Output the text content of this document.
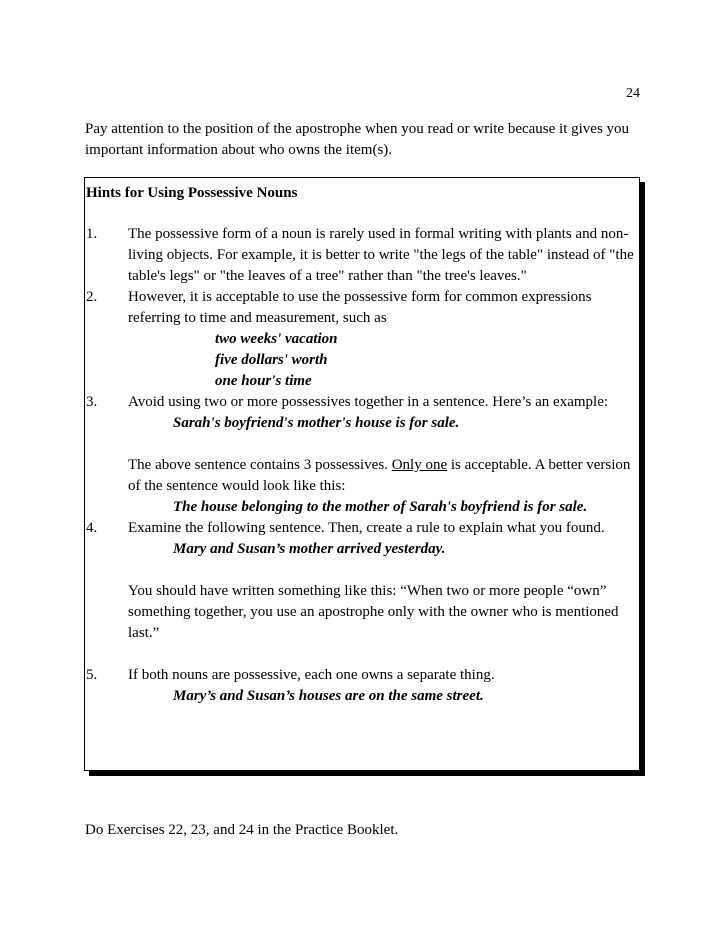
24

Pay attention to the position of the apostrophe when you read or write because it gives you important information about who owns the item(s).

Hints for Using Possessive Nouns

1. The possessive form of a noun is rarely used in formal writing with plants and non-living objects. For example, it is better to write "the legs of the table" instead of "the table's legs" or "the leaves of a tree" rather than "the tree's leaves."

2. However, it is acceptable to use the possessive form for common expressions referring to time and measurement, such as

two weeks' vacation

five dollars' worth

one hour's time

3. Avoid using two or more possessives together in a sentence. Here’s an example:

Sarah's boyfriend's mother's house is for sale.

The above sentence contains 3 possessives. Only one is acceptable. A better version of the sentence would look like this:

The house belonging to the mother of Sarah's boyfriend is for sale.

4. Examine the following sentence. Then, create a rule to explain what you found.

Mary and Susan’s mother arrived yesterday.

You should have written something like this: “When two or more people “own” something together, you use an apostrophe only with the owner who is mentioned last.”

5. If both nouns are possessive, each one owns a separate thing.

Mary’s and Susan’s houses are on the same street.

Do Exercises 22, 23, and 24 in the Practice Booklet.
